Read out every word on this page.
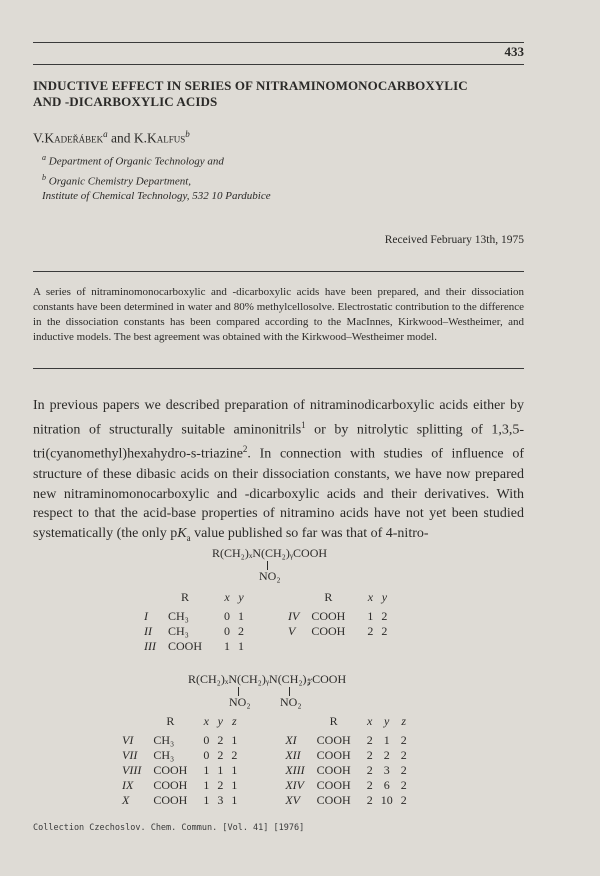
433
INDUCTIVE EFFECT IN SERIES OF NITRAMINOMONOCARBOXYLIC
AND -DICARBOXYLIC ACIDS
V.Kadeřábek$^a$ and K.Kalfus$^b$
$^a$ Department of Organic Technology and
$^b$ Organic Chemistry Department,
Institute of Chemical Technology, 532 10 Pardubice
Received February 13th, 1975
A series of nitraminomonocarboxylic and -dicarboxylic acids have been prepared, and their dissociation constants have been determined in water and 80% methylcellosolve. Electrostatic contribution to the difference in the dissociation constants has been compared according to the MacInnes, Kirkwood–Westheimer, and inductive models. The best agreement was obtained with the Kirkwood–Westheimer model.
In previous papers we described preparation of nitraminodicarboxylic acids either by nitration of structurally suitable aminonitrils$^1$ or by nitrolytic splitting of 1,3,5-tri(cyanomethyl)hexahydro-s-triazine$^2$. In connection with studies of influence of structure of these dibasic acids on their dissociation constants, we have now prepared new nitraminomonocarboxylic and -dicarboxylic acids and their derivatives. With respect to that the acid-base properties of nitramino acids have not yet been studied systematically (the only $pK_a$ value published so far was that of 4-nitro-
R(CH₂)ₓN(CH₂)ᵧCOOH
NO₂
	R	x	y		R	x	y
I	CH₃	0	1	IV	COOH	1	2
II	CH₃	0	2	V	COOH	2	2
III	COOH	1	1				
R(CH₂)ₓN(CH₂)ᵧN(CH₂)𝓏COOH
NO₂ NO₂
	R	x	y	z		R	x	y	z
VI	CH₃	0	2	1	XI	COOH	2	1	2
VII	CH₃	0	2	2	XII	COOH	2	2	2
VIII	COOH	1	1	1	XIII	COOH	2	3	2
IX	COOH	1	2	1	XIV	COOH	2	6	2
X	COOH	1	3	1	XV	COOH	2	10	2
Collection Czechoslov. Chem. Commun. [Vol. 41] [1976]
